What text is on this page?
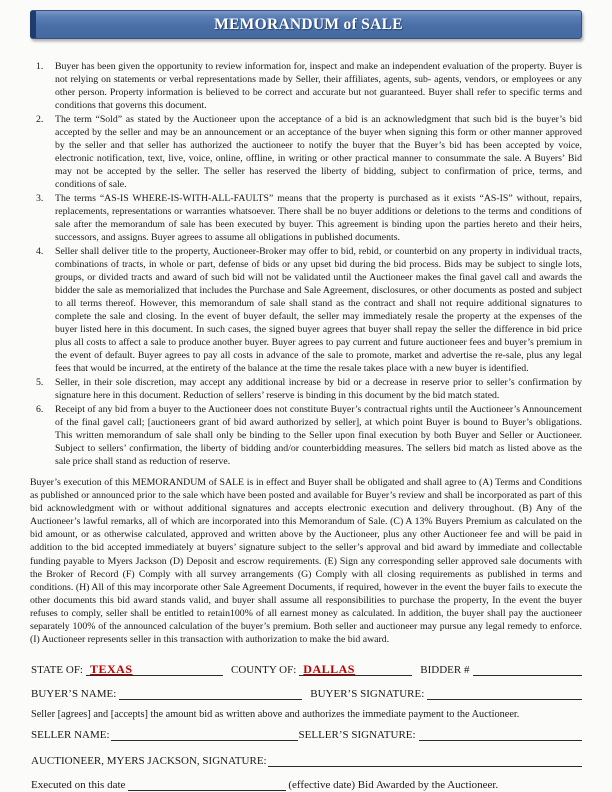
MEMORANDUM of SALE
1.	Buyer has been given the opportunity to review information for, inspect and make an independent evaluation of the property. Buyer is not relying on statements or verbal representations made by Seller, their affiliates, agents, sub- agents, vendors, or employees or any other person. Property information is believed to be correct and accurate but not guaranteed. Buyer shall refer to specific terms and conditions that governs this document.
2.	The term “Sold” as stated by the Auctioneer upon the acceptance of a bid is an acknowledgment that such bid is the buyer’s bid accepted by the seller and may be an announcement or an acceptance of the buyer when signing this form or other manner approved by the seller and that seller has authorized the auctioneer to notify the buyer that the Buyer’s bid has been accepted by voice, electronic notification, text, live, voice, online, offline, in writing or other practical manner to consummate the sale. A Buyers’ Bid may not be accepted by the seller. The seller has reserved the liberty of bidding, subject to confirmation of price, terms, and conditions of sale.
3.	The terms “AS-IS WHERE-IS-WITH-ALL-FAULTS” means that the property is purchased as it exists “AS-IS” without, repairs, replacements, representations or warranties whatsoever. There shall be no buyer additions or deletions to the terms and conditions of sale after the memorandum of sale has been executed by buyer. This agreement is binding upon the parties hereto and their heirs, successors, and assigns. Buyer agrees to assume all obligations in published documents.
4.	Seller shall deliver title to the property, Auctioneer-Broker may offer to bid, rebid, or counterbid on any property in individual tracts, combinations of tracts, in whole or part, defense of bids or any upset bid during the bid process. Bids may be subject to single lots, groups, or divided tracts and award of such bid will not be validated until the Auctioneer makes the final gavel call and awards the bidder the sale as memorialized that includes the Purchase and Sale Agreement, disclosures, or other documents as posted and subject to all terms thereof. However, this memorandum of sale shall stand as the contract and shall not require additional signatures to complete the sale and closing. In the event of buyer default, the seller may immediately resale the property at the expenses of the buyer listed here in this document. In such cases, the signed buyer agrees that buyer shall repay the seller the difference in bid price plus all costs to affect a sale to produce another buyer. Buyer agrees to pay current and future auctioneer fees and buyer’s premium in the event of default. Buyer agrees to pay all costs in advance of the sale to promote, market and advertise the re-sale, plus any legal fees that would be incurred, at the entirety of the balance at the time the resale takes place with a new buyer is identified.
5.	Seller, in their sole discretion, may accept any additional increase by bid or a decrease in reserve prior to seller’s confirmation by signature here in this document. Reduction of sellers’ reserve is binding in this document by the bid match stated.
6.	Receipt of any bid from a buyer to the Auctioneer does not constitute Buyer’s contractual rights until the Auctioneer’s Announcement of the final gavel call; [auctioneers grant of bid award authorized by seller], at which point Buyer is bound to Buyer’s obligations. This written memorandum of sale shall only be binding to the Seller upon final execution by both Buyer and Seller or Auctioneer. Subject to sellers’ confirmation, the liberty of bidding and/or counterbidding measures. The sellers bid match as listed above as the sale price shall stand as reduction of reserve.

Buyer’s execution of this MEMORANDUM of SALE is in effect and Buyer shall be obligated and shall agree to (A) Terms and Conditions as published or announced prior to the sale which have been posted and available for Buyer’s review and shall be incorporated as part of this bid acknowledgment with or without additional signatures and accepts electronic execution and delivery throughout. (B) Any of the Auctioneer’s lawful remarks, all of which are incorporated into this Memorandum of Sale. (C) A 13% Buyers Premium as calculated on the bid amount, or as otherwise calculated, approved and written above by the Auctioneer, plus any other Auctioneer fee and will be paid in addition to the bid accepted immediately at buyers’ signature subject to the seller’s approval and bid award by immediate and collectable funding payable to Myers Jackson (D) Deposit and escrow requirements. (E) Sign any corresponding seller approved sale documents with the Broker of Record (F) Comply with all survey arrangements (G) Comply with all closing requirements as published in terms and conditions. (H) All of this may incorporate other Sale Agreement Documents, if required, however in the event the buyer fails to execute the other documents this bid award stands valid, and buyer shall assume all responsibilities to purchase the property, In the event the buyer refuses to comply, seller shall be entitled to retain100% of all earnest money as calculated. In addition, the buyer shall pay the auctioneer separately 100% of the announced calculation of the buyer’s premium. Both seller and auctioneer may pursue any legal remedy to enforce. (I) Auctioneer represents seller in this transaction with authorization to make the bid award.

STATE OF: TEXAS	COUNTY OF: DALLAS	BIDDER #
BUYER’S NAME:	BUYER’S SIGNATURE:
Seller [agrees] and [accepts] the amount bid as written above and authorizes the immediate payment to the Auctioneer.
SELLER NAME:	SELLER’S SIGNATURE:
AUCTIONEER, MYERS JACKSON, SIGNATURE:
Executed on this date	(effective date) Bid Awarded by the Auctioneer.
